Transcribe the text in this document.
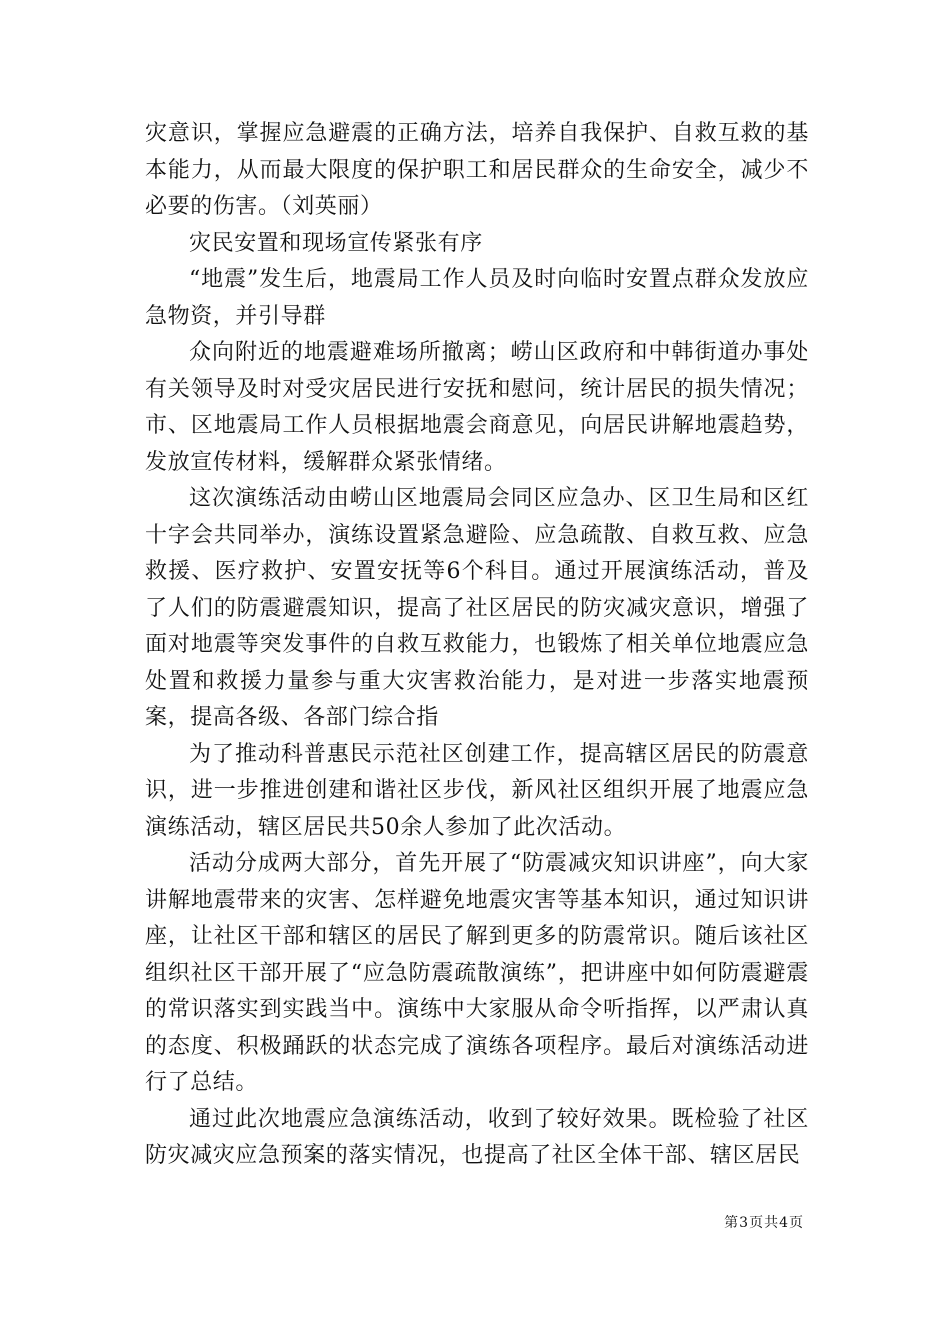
灾意识，掌握应急避震的正确方法，培养自我保护、自救互救的基本能力，从而最大限度的保护职工和居民群众的生命安全，减少不必要的伤害。（刘英丽）

灾民安置和现场宣传紧张有序

“地震”发生后，地震局工作人员及时向临时安置点群众发放应急物资，并引导群

众向附近的地震避难场所撤离；崂山区政府和中韩街道办事处有关领导及时对受灾居民进行安抚和慰问，统计居民的损失情况；市、区地震局工作人员根据地震会商意见，向居民讲解地震趋势，发放宣传材料，缓解群众紧张情绪。

这次演练活动由崂山区地震局会同区应急办、区卫生局和区红十字会共同举办，演练设置紧急避险、应急疏散、自救互救、应急救援、医疗救护、安置安抚等6个科目。通过开展演练活动，普及了人们的防震避震知识，提高了社区居民的防灾减灾意识，增强了面对地震等突发事件的自救互救能力，也锻炼了相关单位地震应急处置和救援力量参与重大灾害救治能力，是对进一步落实地震预案，提高各级、各部门综合指

为了推动科普惠民示范社区创建工作，提高辖区居民的防震意识，进一步推进创建和谐社区步伐，新风社区组织开展了地震应急演练活动，辖区居民共50余人参加了此次活动。

活动分成两大部分，首先开展了“防震减灾知识讲座”，向大家讲解地震带来的灾害、怎样避免地震灾害等基本知识，通过知识讲座，让社区干部和辖区的居民了解到更多的防震常识。随后该社区组织社区干部开展了“应急防震疏散演练”，把讲座中如何防震避震的常识落实到实践当中。演练中大家服从命令听指挥，以严肃认真的态度、积极踊跃的状态完成了演练各项程序。最后对演练活动进行了总结。

通过此次地震应急演练活动，收到了较好效果。既检验了社区防灾减灾应急预案的落实情况，也提高了社区全体干部、辖区居民

第3页共4页
